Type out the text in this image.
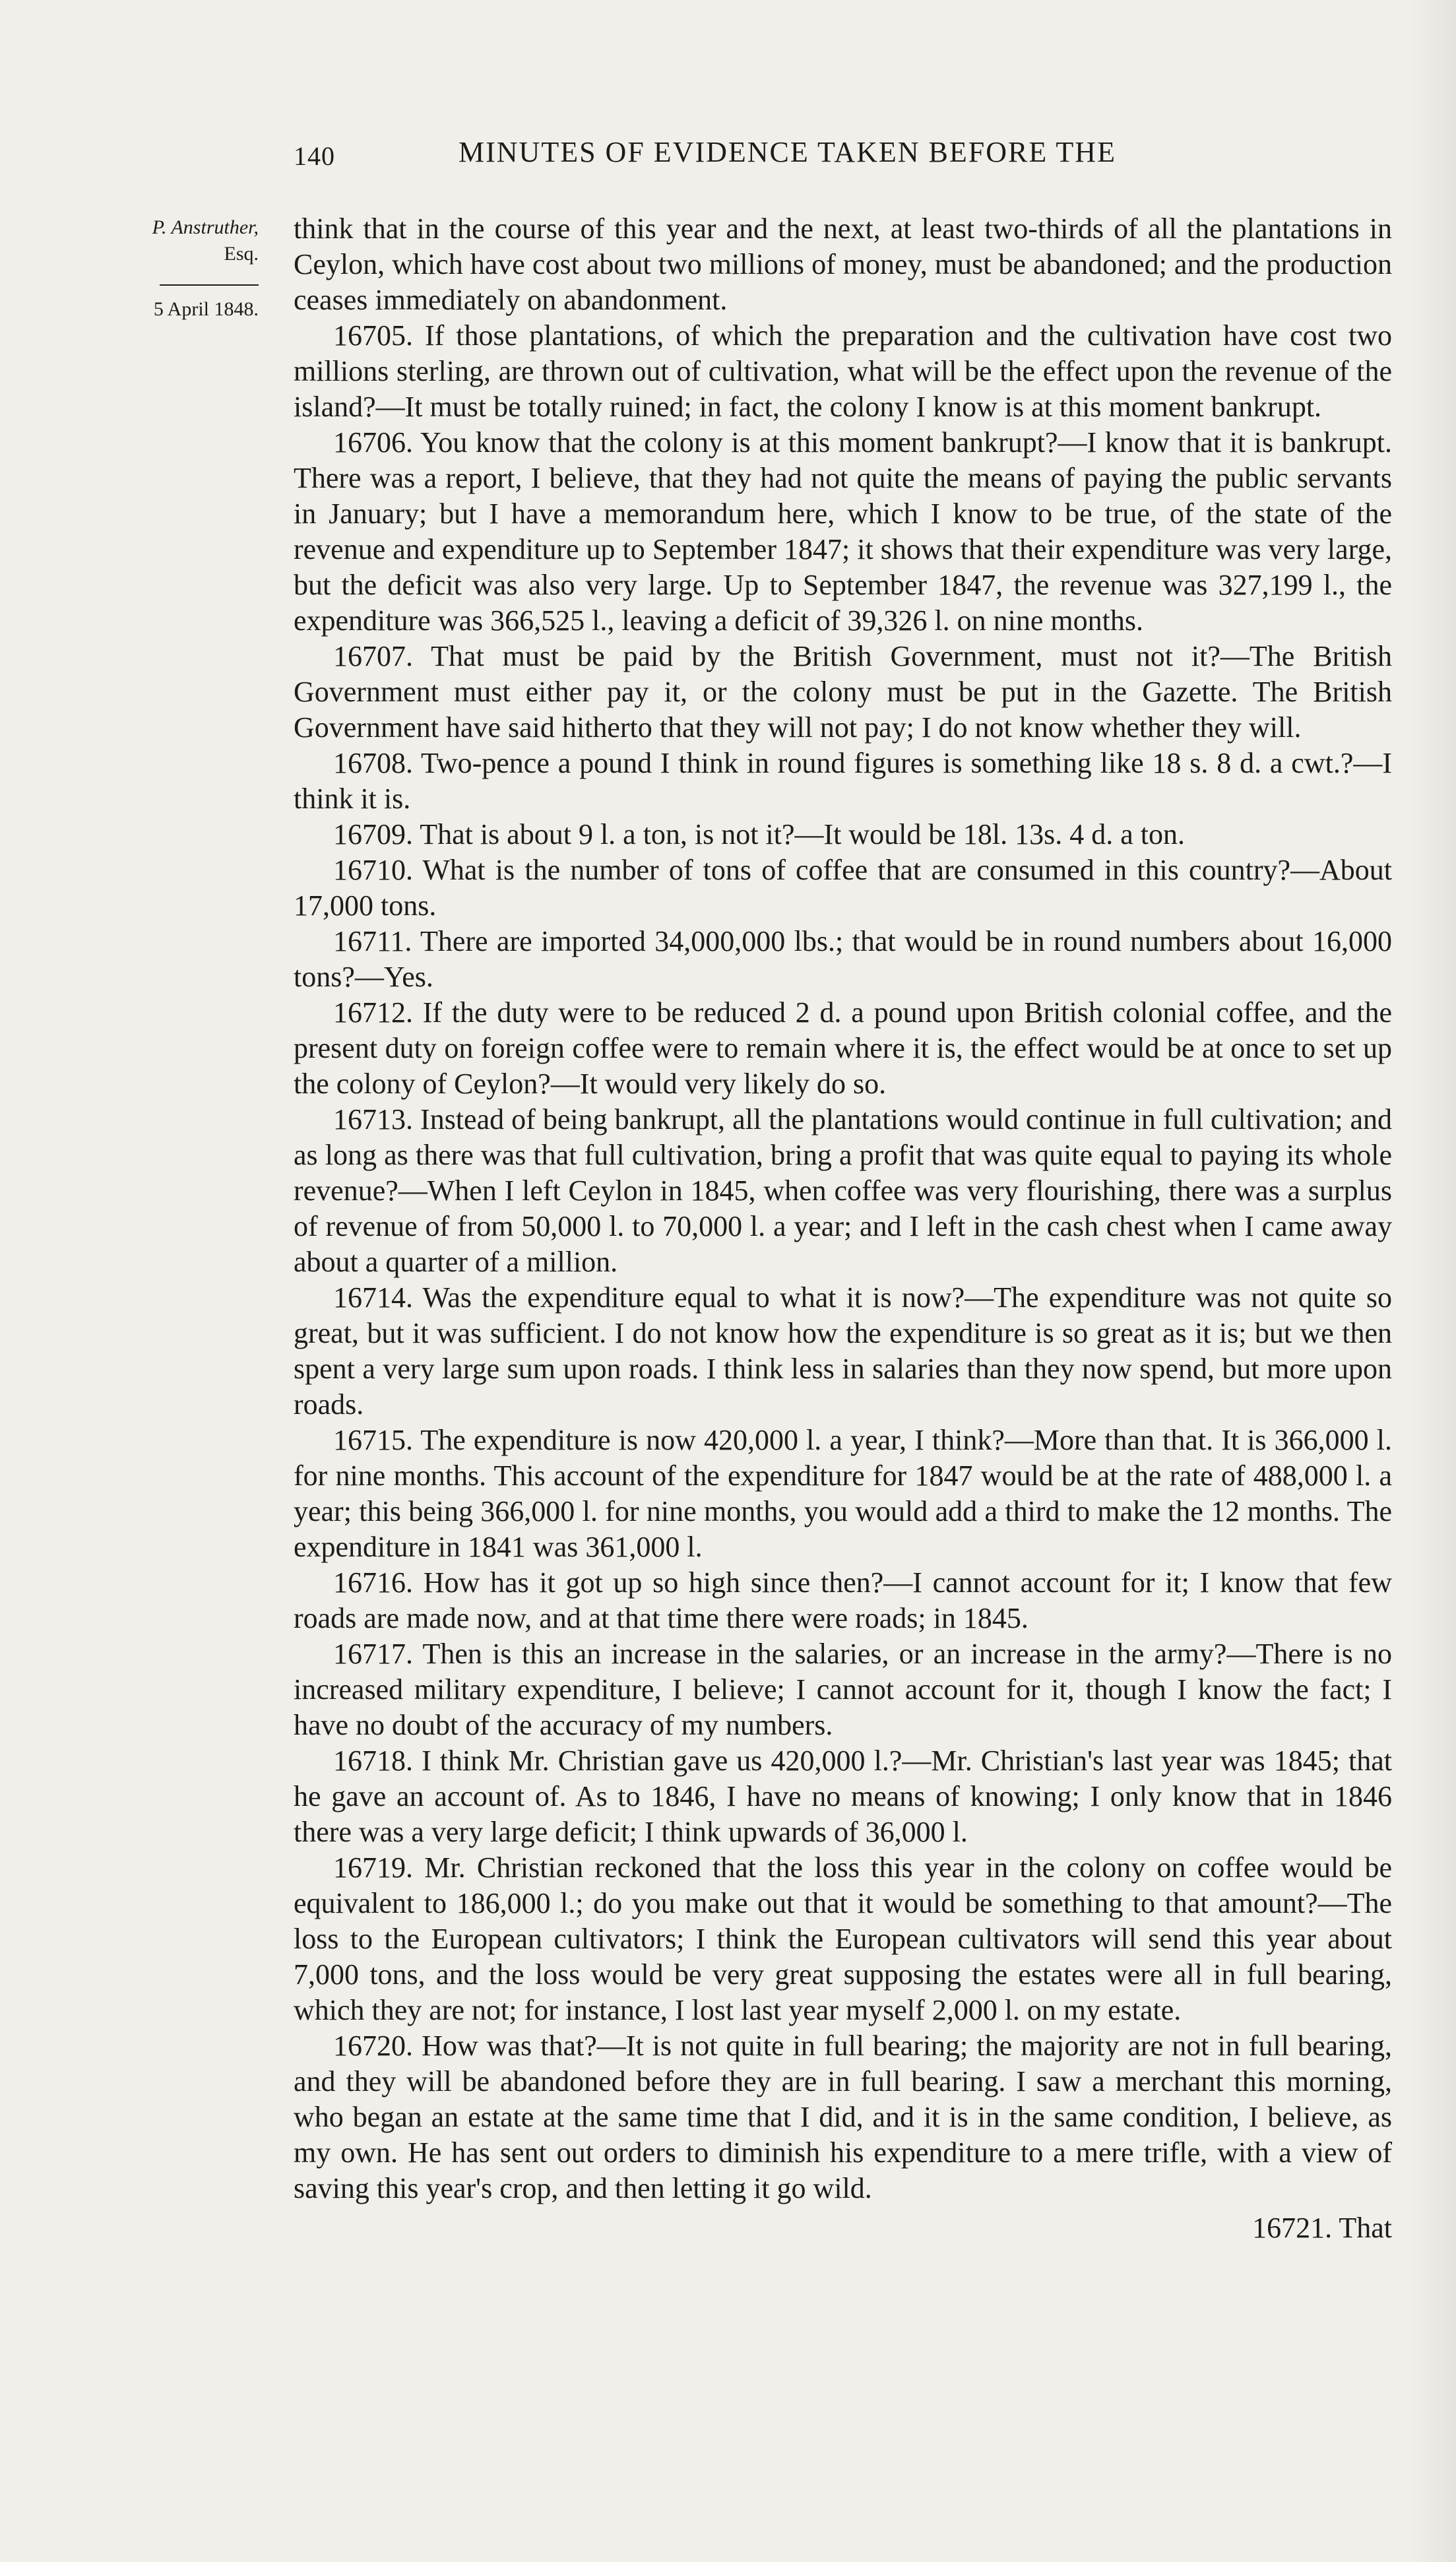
140	MINUTES OF EVIDENCE TAKEN BEFORE THE
P. Anstruther,
Esq.
5 April 1848.

think that in the course of this year and the next, at least two-thirds of all the plantations in Ceylon, which have cost about two millions of money, must be abandoned; and the production ceases immediately on abandonment.

16705. If those plantations, of which the preparation and the cultivation have cost two millions sterling, are thrown out of cultivation, what will be the effect upon the revenue of the island?—It must be totally ruined; in fact, the colony I know is at this moment bankrupt.

16706. You know that the colony is at this moment bankrupt?—I know that it is bankrupt. There was a report, I believe, that they had not quite the means of paying the public servants in January; but I have a memorandum here, which I know to be true, of the state of the revenue and expenditure up to September 1847; it shows that their expenditure was very large, but the deficit was also very large. Up to September 1847, the revenue was 327,199 l., the expenditure was 366,525 l., leaving a deficit of 39,326 l. on nine months.

16707. That must be paid by the British Government, must not it?—The British Government must either pay it, or the colony must be put in the Gazette. The British Government have said hitherto that they will not pay; I do not know whether they will.

16708. Two-pence a pound I think in round figures is something like 18 s. 8 d. a cwt.?—I think it is.

16709. That is about 9 l. a ton, is not it?—It would be 18l. 13s. 4 d. a ton.

16710. What is the number of tons of coffee that are consumed in this country?—About 17,000 tons.

16711. There are imported 34,000,000 lbs.; that would be in round numbers about 16,000 tons?—Yes.

16712. If the duty were to be reduced 2 d. a pound upon British colonial coffee, and the present duty on foreign coffee were to remain where it is, the effect would be at once to set up the colony of Ceylon?—It would very likely do so.

16713. Instead of being bankrupt, all the plantations would continue in full cultivation; and as long as there was that full cultivation, bring a profit that was quite equal to paying its whole revenue?—When I left Ceylon in 1845, when coffee was very flourishing, there was a surplus of revenue of from 50,000 l. to 70,000 l. a year; and I left in the cash chest when I came away about a quarter of a million.

16714. Was the expenditure equal to what it is now?—The expenditure was not quite so great, but it was sufficient. I do not know how the expenditure is so great as it is; but we then spent a very large sum upon roads. I think less in salaries than they now spend, but more upon roads.

16715. The expenditure is now 420,000 l. a year, I think?—More than that. It is 366,000 l. for nine months. This account of the expenditure for 1847 would be at the rate of 488,000 l. a year; this being 366,000 l. for nine months, you would add a third to make the 12 months. The expenditure in 1841 was 361,000 l.

16716. How has it got up so high since then?—I cannot account for it; I know that few roads are made now, and at that time there were roads; in 1845.

16717. Then is this an increase in the salaries, or an increase in the army?—There is no increased military expenditure, I believe; I cannot account for it, though I know the fact; I have no doubt of the accuracy of my numbers.

16718. I think Mr. Christian gave us 420,000 l.?—Mr. Christian's last year was 1845; that he gave an account of. As to 1846, I have no means of knowing; I only know that in 1846 there was a very large deficit; I think upwards of 36,000 l.

16719. Mr. Christian reckoned that the loss this year in the colony on coffee would be equivalent to 186,000 l.; do you make out that it would be something to that amount?—The loss to the European cultivators; I think the European cultivators will send this year about 7,000 tons, and the loss would be very great supposing the estates were all in full bearing, which they are not; for instance, I lost last year myself 2,000 l. on my estate.

16720. How was that?—It is not quite in full bearing; the majority are not in full bearing, and they will be abandoned before they are in full bearing. I saw a merchant this morning, who began an estate at the same time that I did, and it is in the same condition, I believe, as my own. He has sent out orders to diminish his expenditure to a mere trifle, with a view of saving this year's crop, and then letting it go wild.

16721. That
